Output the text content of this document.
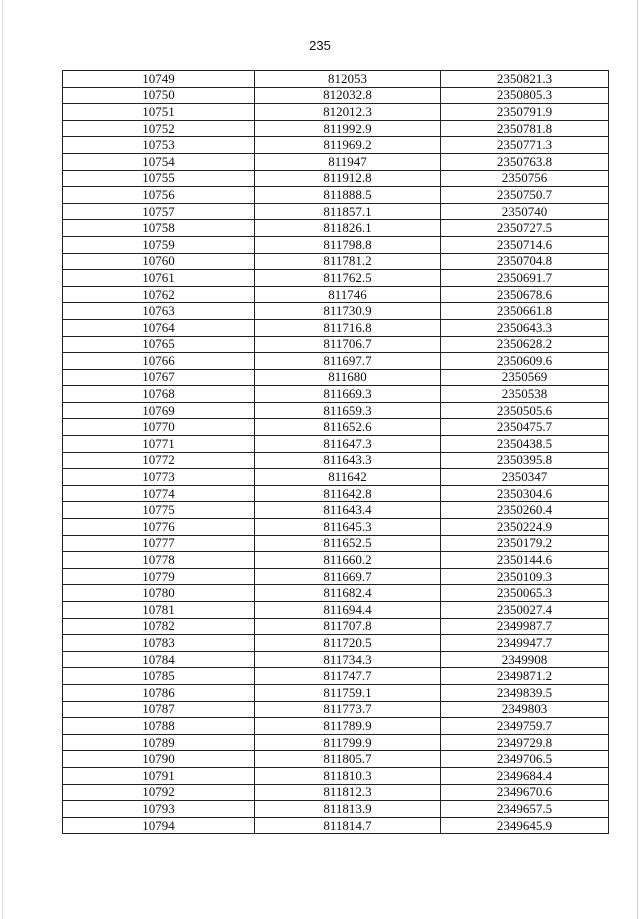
235
10749	812053	2350821.3
10750	812032.8	2350805.3
10751	812012.3	2350791.9
10752	811992.9	2350781.8
10753	811969.2	2350771.3
10754	811947	2350763.8
10755	811912.8	2350756
10756	811888.5	2350750.7
10757	811857.1	2350740
10758	811826.1	2350727.5
10759	811798.8	2350714.6
10760	811781.2	2350704.8
10761	811762.5	2350691.7
10762	811746	2350678.6
10763	811730.9	2350661.8
10764	811716.8	2350643.3
10765	811706.7	2350628.2
10766	811697.7	2350609.6
10767	811680	2350569
10768	811669.3	2350538
10769	811659.3	2350505.6
10770	811652.6	2350475.7
10771	811647.3	2350438.5
10772	811643.3	2350395.8
10773	811642	2350347
10774	811642.8	2350304.6
10775	811643.4	2350260.4
10776	811645.3	2350224.9
10777	811652.5	2350179.2
10778	811660.2	2350144.6
10779	811669.7	2350109.3
10780	811682.4	2350065.3
10781	811694.4	2350027.4
10782	811707.8	2349987.7
10783	811720.5	2349947.7
10784	811734.3	2349908
10785	811747.7	2349871.2
10786	811759.1	2349839.5
10787	811773.7	2349803
10788	811789.9	2349759.7
10789	811799.9	2349729.8
10790	811805.7	2349706.5
10791	811810.3	2349684.4
10792	811812.3	2349670.6
10793	811813.9	2349657.5
10794	811814.7	2349645.9
